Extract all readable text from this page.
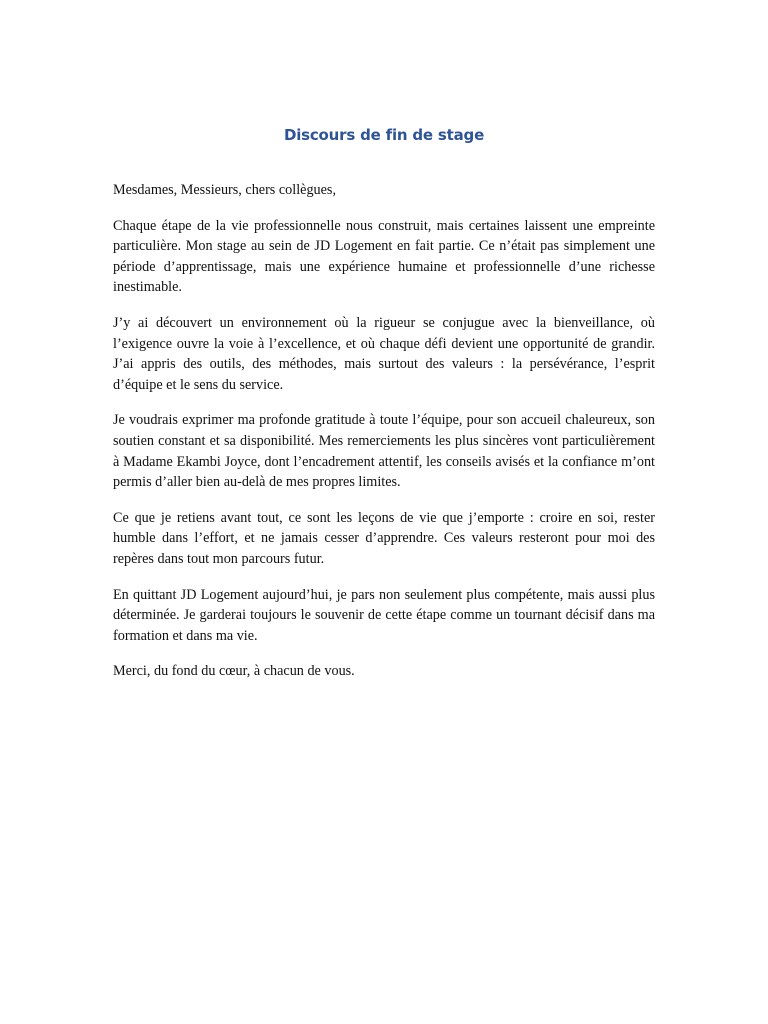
Discours de fin de stage

Mesdames, Messieurs, chers collègues,

Chaque étape de la vie professionnelle nous construit, mais certaines laissent une empreinte particulière. Mon stage au sein de JD Logement en fait partie. Ce n’était pas simplement une période d’apprentissage, mais une expérience humaine et professionnelle d’une richesse inestimable.

J’y ai découvert un environnement où la rigueur se conjugue avec la bienveillance, où l’exigence ouvre la voie à l’excellence, et où chaque défi devient une opportunité de grandir. J’ai appris des outils, des méthodes, mais surtout des valeurs : la persévérance, l’esprit d’équipe et le sens du service.

Je voudrais exprimer ma profonde gratitude à toute l’équipe, pour son accueil chaleureux, son soutien constant et sa disponibilité. Mes remerciements les plus sincères vont particulièrement à Madame Ekambi Joyce, dont l’encadrement attentif, les conseils avisés et la confiance m’ont permis d’aller bien au-delà de mes propres limites.

Ce que je retiens avant tout, ce sont les leçons de vie que j’emporte : croire en soi, rester humble dans l’effort, et ne jamais cesser d’apprendre. Ces valeurs resteront pour moi des repères dans tout mon parcours futur.

En quittant JD Logement aujourd’hui, je pars non seulement plus compétente, mais aussi plus déterminée. Je garderai toujours le souvenir de cette étape comme un tournant décisif dans ma formation et dans ma vie.

Merci, du fond du cœur, à chacun de vous.
